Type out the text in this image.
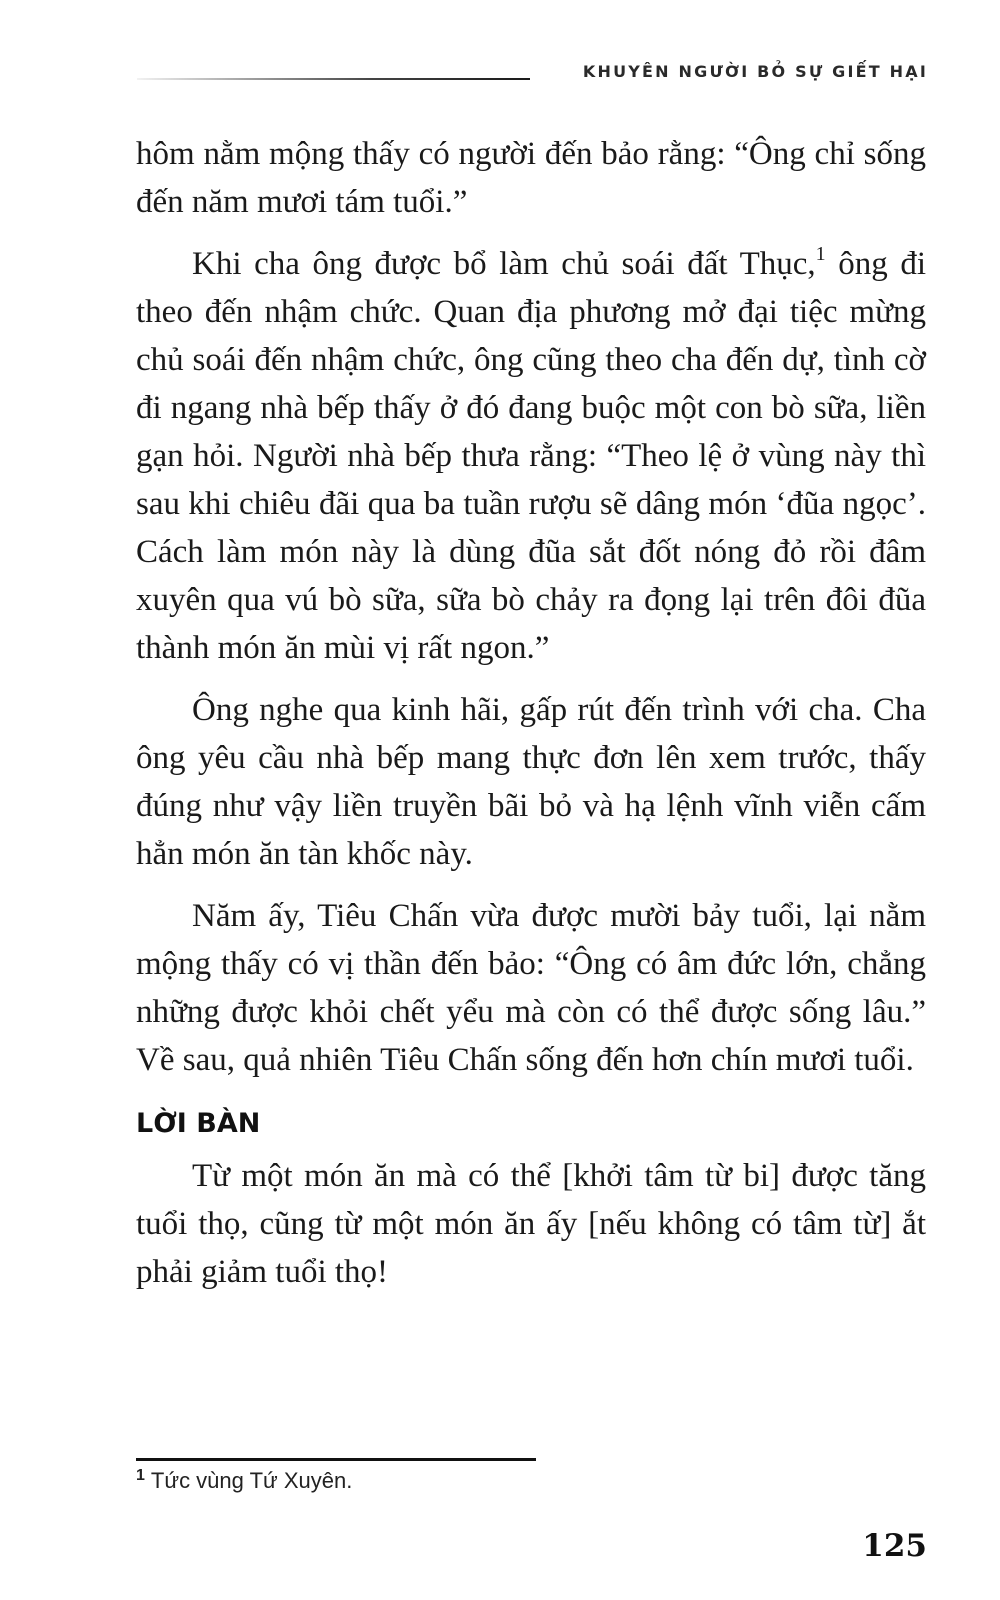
KHUYÊN NGƯỜI BỎ SỰ GIẾT HẠI

hôm nằm mộng thấy có người đến bảo rằng: “Ông chỉ sống đến năm mươi tám tuổi.”

Khi cha ông được bổ làm chủ soái đất Thục,$^1$ ông đi theo đến nhậm chức. Quan địa phương mở đại tiệc mừng chủ soái đến nhậm chức, ông cũng theo cha đến dự, tình cờ đi ngang nhà bếp thấy ở đó đang buộc một con bò sữa, liền gạn hỏi. Người nhà bếp thưa rằng: “Theo lệ ở vùng này thì sau khi chiêu đãi qua ba tuần rượu sẽ dâng món ‘đũa ngọc’. Cách làm món này là dùng đũa sắt đốt nóng đỏ rồi đâm xuyên qua vú bò sữa, sữa bò chảy ra đọng lại trên đôi đũa thành món ăn mùi vị rất ngon.”

Ông nghe qua kinh hãi, gấp rút đến trình với cha. Cha ông yêu cầu nhà bếp mang thực đơn lên xem trước, thấy đúng như vậy liền truyền bãi bỏ và hạ lệnh vĩnh viễn cấm hẳn món ăn tàn khốc này.

Năm ấy, Tiêu Chấn vừa được mười bảy tuổi, lại nằm mộng thấy có vị thần đến bảo: “Ông có âm đức lớn, chẳng những được khỏi chết yểu mà còn có thể được sống lâu.” Về sau, quả nhiên Tiêu Chấn sống đến hơn chín mươi tuổi.

LỜI BÀN

Từ một món ăn mà có thể [khởi tâm từ bi] được tăng tuổi thọ, cũng từ một món ăn ấy [nếu không có tâm từ] ắt phải giảm tuổi thọ!

$^1$ Tức vùng Tứ Xuyên.
125
